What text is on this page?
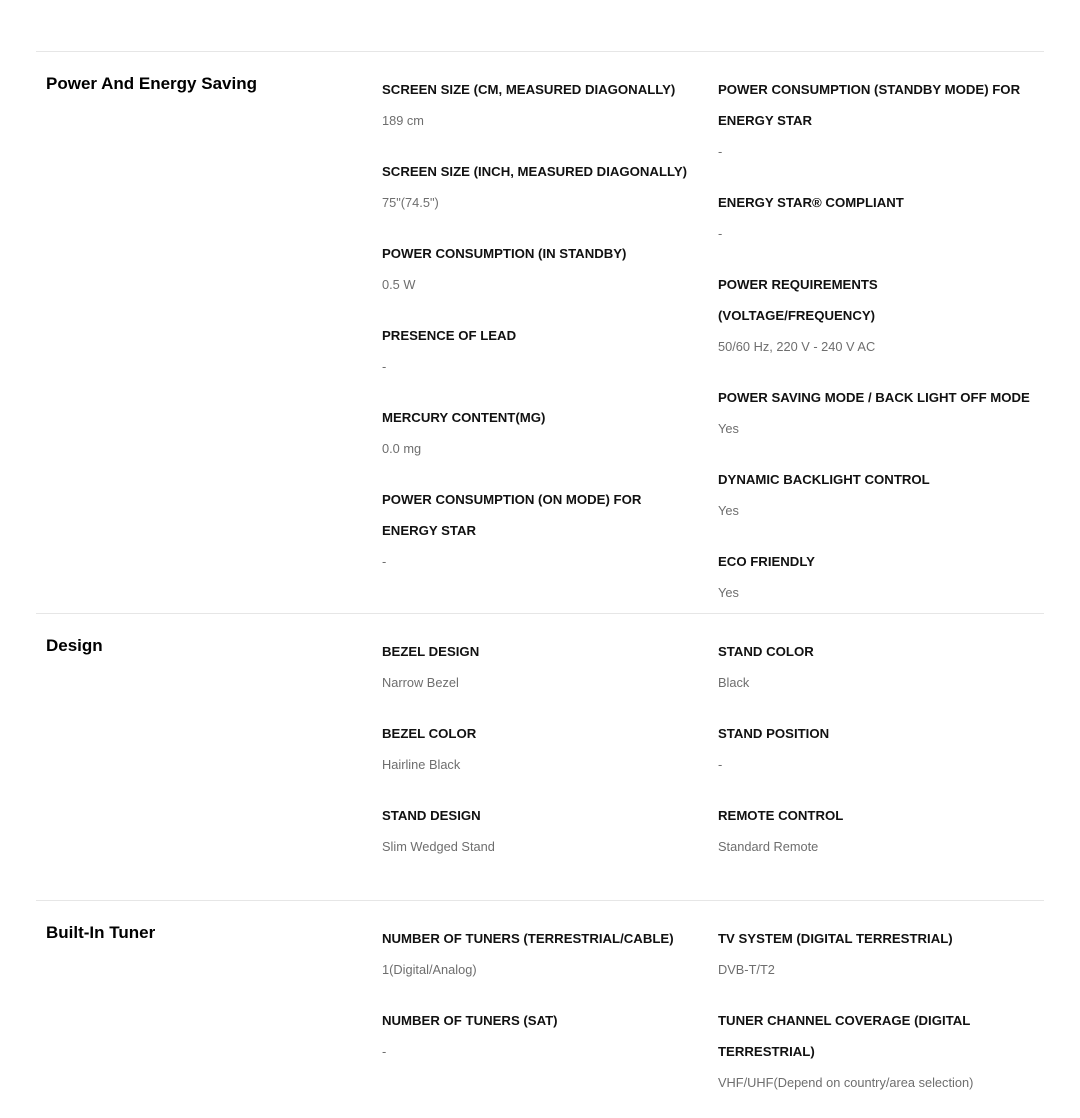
Power And Energy Saving	SCREEN SIZE (CM, MEASURED DIAGONALLY)
189 cm
SCREEN SIZE (INCH, MEASURED DIAGONALLY)
75"(74.5")
POWER CONSUMPTION (IN STANDBY)
0.5 W
PRESENCE OF LEAD
-
MERCURY CONTENT(MG)
0.0 mg
POWER CONSUMPTION (ON MODE) FOR ENERGY STAR
-
POWER CONSUMPTION (STANDBY MODE) FOR ENERGY STAR
-
ENERGY STAR® COMPLIANT
-
POWER REQUIREMENTS (VOLTAGE/FREQUENCY)
50/60 Hz, 220 V - 240 V AC
POWER SAVING MODE / BACK LIGHT OFF MODE
Yes
DYNAMIC BACKLIGHT CONTROL
Yes
ECO FRIENDLY
Yes
Design	BEZEL DESIGN
Narrow Bezel
BEZEL COLOR
Hairline Black
STAND DESIGN
Slim Wedged Stand
STAND COLOR
Black
STAND POSITION
-
REMOTE CONTROL
Standard Remote
Built-In Tuner	NUMBER OF TUNERS (TERRESTRIAL/CABLE)
1(Digital/Analog)
NUMBER OF TUNERS (SAT)
-
TV SYSTEM (DIGITAL TERRESTRIAL)
DVB-T/T2
TUNER CHANNEL COVERAGE (DIGITAL TERRESTRIAL)
VHF/UHF(Depend on country/area selection)
